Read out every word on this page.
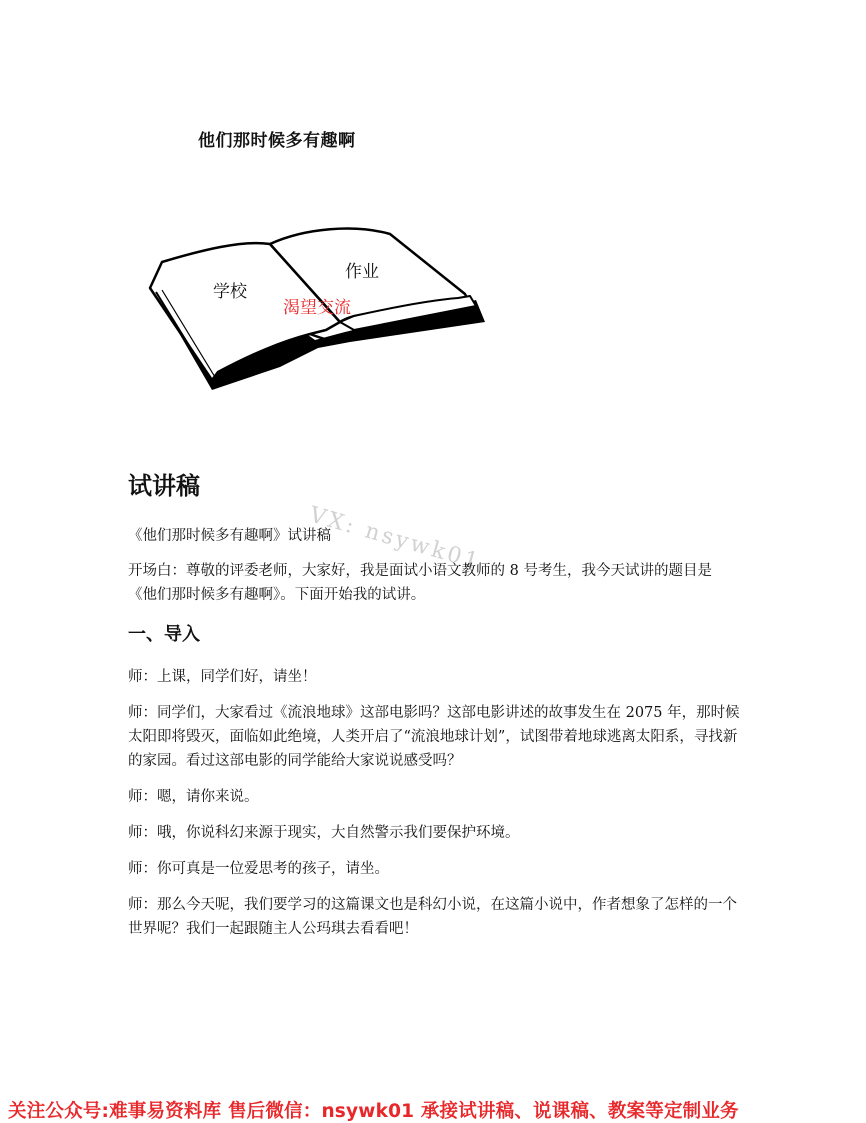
他们那时候多有趣啊
学校
作业
渴望交流
试讲稿
VX: nsywk01

《他们那时候多有趣啊》试讲稿

开场白：尊敬的评委老师，大家好，我是面试小语文教师的 8 号考生，我今天试讲的题目是《他们那时候多有趣啊》。下面开始我的试讲。

一、导入

师：上课，同学们好，请坐！

师：同学们，大家看过《流浪地球》这部电影吗？这部电影讲述的故事发生在 2075 年，那时候太阳即将毁灭，面临如此绝境，人类开启了“流浪地球计划”，试图带着地球逃离太阳系，寻找新的家园。看过这部电影的同学能给大家说说感受吗？

师：嗯，请你来说。

师：哦，你说科幻来源于现实，大自然警示我们要保护环境。

师：你可真是一位爱思考的孩子，请坐。

师：那么今天呢，我们要学习的这篇课文也是科幻小说，在这篇小说中，作者想象了怎样的一个世界呢？我们一起跟随主人公玛琪去看看吧！

关注公众号:难事易资料库 售后微信：nsywk01 承接试讲稿、说课稿、教案等定制业务
